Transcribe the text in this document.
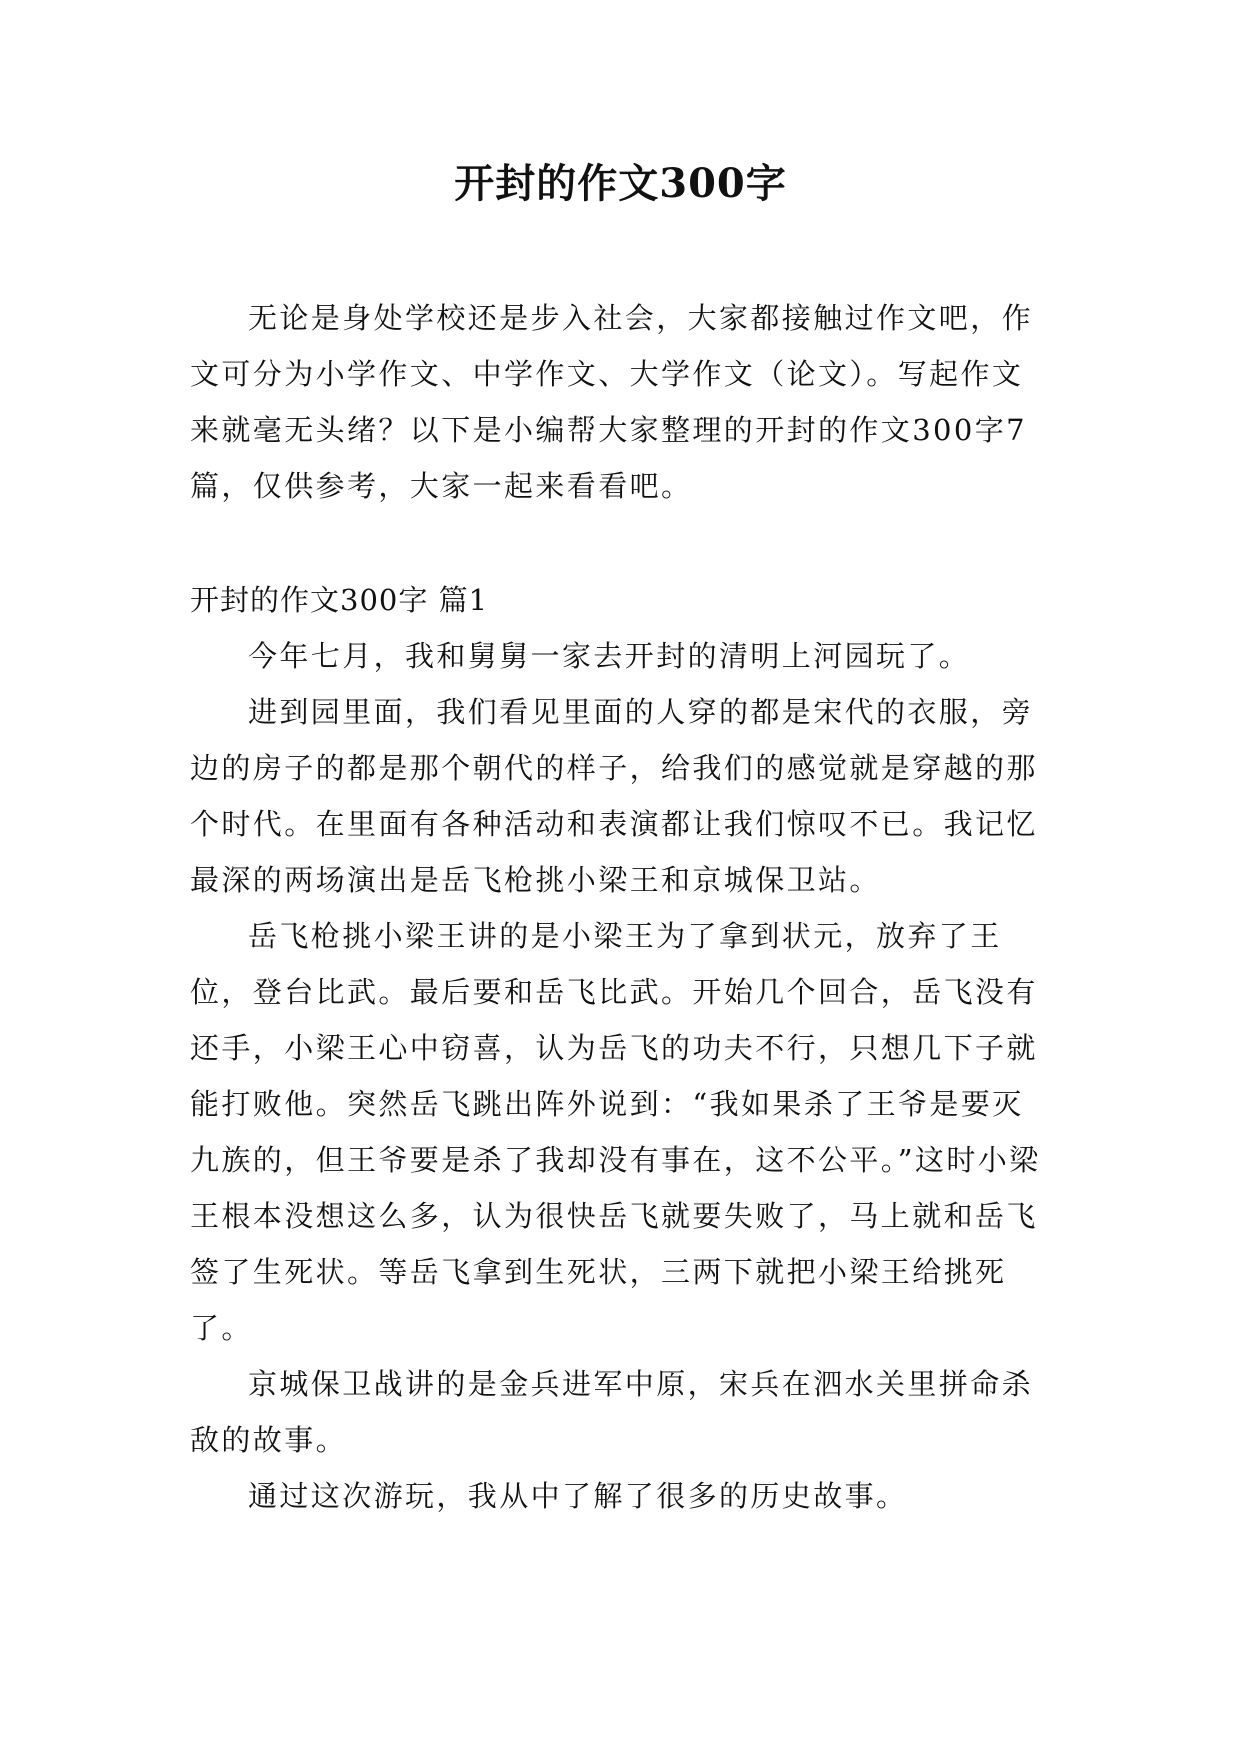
开封的作文300字

无论是身处学校还是步入社会，大家都接触过作文吧，作文可分为小学作文、中学作文、大学作文（论文）。写起作文来就毫无头绪？以下是小编帮大家整理的开封的作文300字7篇，仅供参考，大家一起来看看吧。

开封的作文300字 篇1

今年七月，我和舅舅一家去开封的清明上河园玩了。

进到园里面，我们看见里面的人穿的都是宋代的衣服，旁边的房子的都是那个朝代的样子，给我们的感觉就是穿越的那个时代。在里面有各种活动和表演都让我们惊叹不已。我记忆最深的两场演出是岳飞枪挑小梁王和京城保卫站。

岳飞枪挑小梁王讲的是小梁王为了拿到状元，放弃了王位，登台比武。最后要和岳飞比武。开始几个回合，岳飞没有还手，小梁王心中窃喜，认为岳飞的功夫不行，只想几下子就能打败他。突然岳飞跳出阵外说到：“我如果杀了王爷是要灭九族的，但王爷要是杀了我却没有事在，这不公平。”这时小梁王根本没想这么多，认为很快岳飞就要失败了，马上就和岳飞签了生死状。等岳飞拿到生死状，三两下就把小梁王给挑死了。

京城保卫战讲的是金兵进军中原，宋兵在泗水关里拼命杀敌的故事。

通过这次游玩，我从中了解了很多的历史故事。
